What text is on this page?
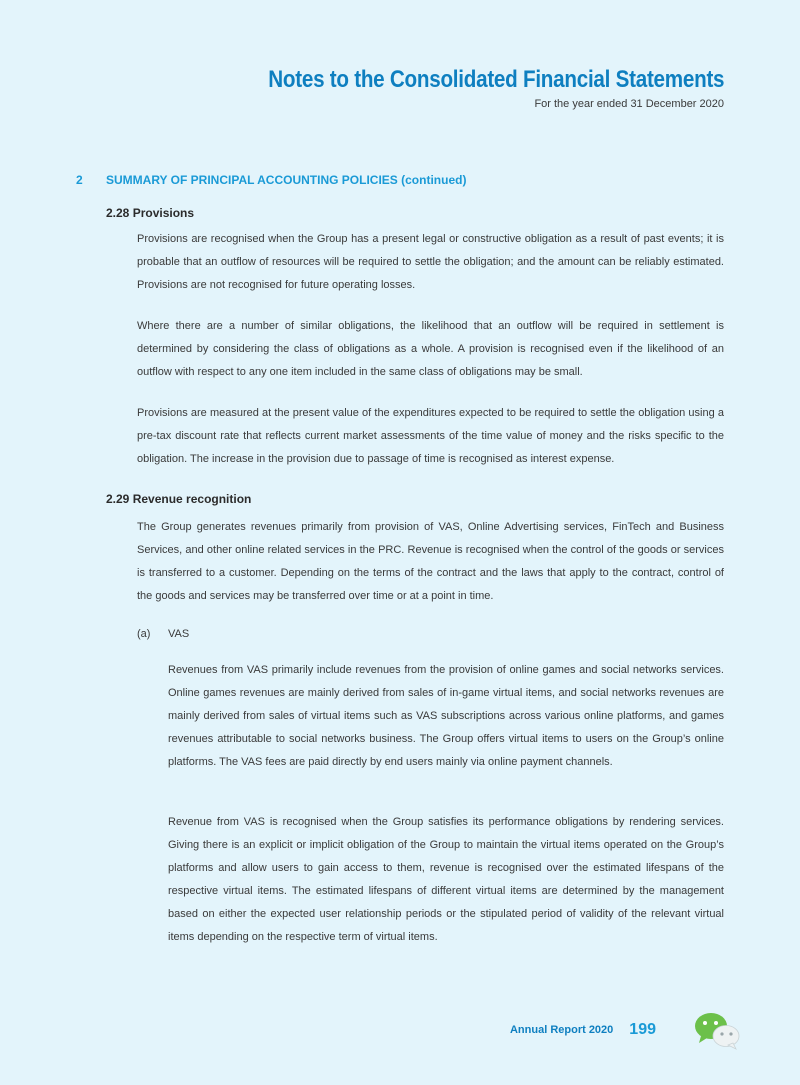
Notes to the Consolidated Financial Statements
For the year ended 31 December 2020
2 SUMMARY OF PRINCIPAL ACCOUNTING POLICIES (continued)
2.28 Provisions
Provisions are recognised when the Group has a present legal or constructive obligation as a result of past events; it is probable that an outflow of resources will be required to settle the obligation; and the amount can be reliably estimated. Provisions are not recognised for future operating losses.
Where there are a number of similar obligations, the likelihood that an outflow will be required in settlement is determined by considering the class of obligations as a whole. A provision is recognised even if the likelihood of an outflow with respect to any one item included in the same class of obligations may be small.
Provisions are measured at the present value of the expenditures expected to be required to settle the obligation using a pre-tax discount rate that reflects current market assessments of the time value of money and the risks specific to the obligation. The increase in the provision due to passage of time is recognised as interest expense.
2.29 Revenue recognition
The Group generates revenues primarily from provision of VAS, Online Advertising services, FinTech and Business Services, and other online related services in the PRC. Revenue is recognised when the control of the goods or services is transferred to a customer. Depending on the terms of the contract and the laws that apply to the contract, control of the goods and services may be transferred over time or at a point in time.
(a) VAS
Revenues from VAS primarily include revenues from the provision of online games and social networks services. Online games revenues are mainly derived from sales of in-game virtual items, and social networks revenues are mainly derived from sales of virtual items such as VAS subscriptions across various online platforms, and games revenues attributable to social networks business. The Group offers virtual items to users on the Group’s online platforms. The VAS fees are paid directly by end users mainly via online payment channels.
Revenue from VAS is recognised when the Group satisfies its performance obligations by rendering services. Giving there is an explicit or implicit obligation of the Group to maintain the virtual items operated on the Group’s platforms and allow users to gain access to them, revenue is recognised over the estimated lifespans of the respective virtual items. The estimated lifespans of different virtual items are determined by the management based on either the expected user relationship periods or the stipulated period of validity of the relevant virtual items depending on the respective term of virtual items.
Annual Report 2020 199
